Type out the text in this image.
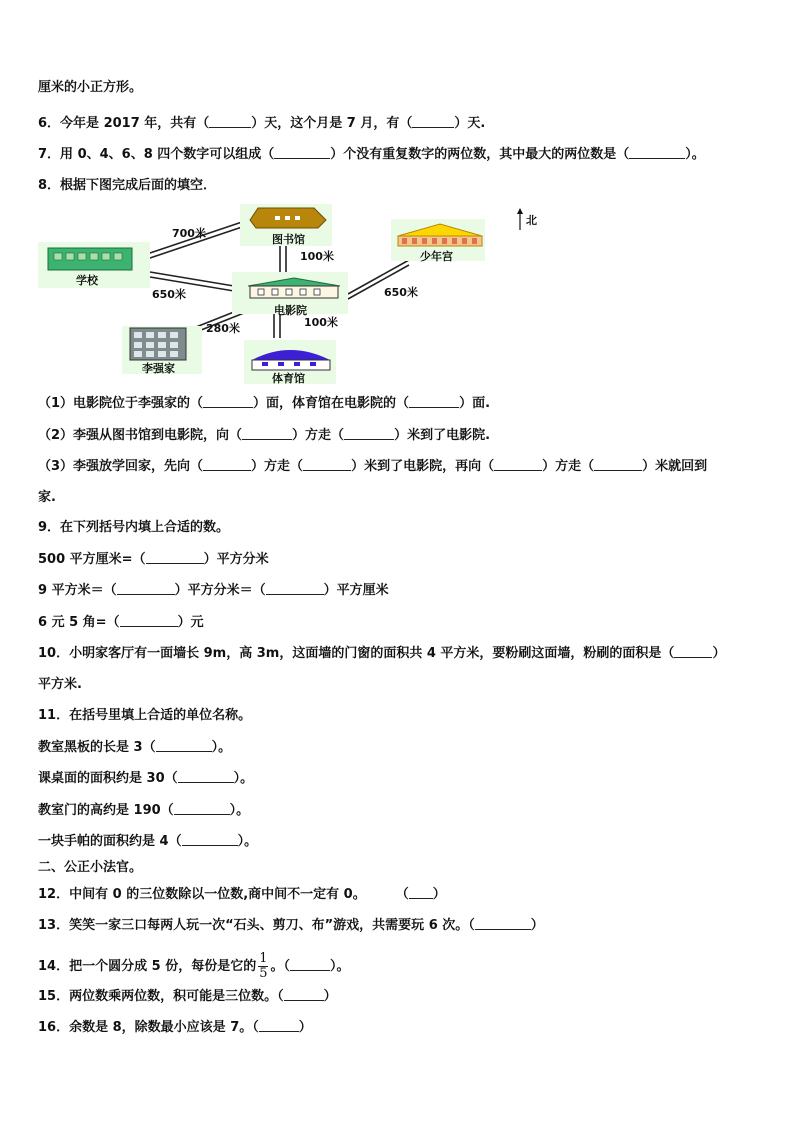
厘米的小正方形。
6．今年是 2017 年，共有（	）天，这个月是 7 月，有（	）天.
7．用 0、4、6、8 四个数字可以组成（	）个没有重复数字的两位数，其中最大的两位数是（	）。
8．根据下图完成后面的填空．
图书馆
学校
少年宫
电影院
李强家
体育馆
700米
100米
650米	650米
280米	100米
北
（1）电影院位于李强家的（	）面，体育馆在电影院的（	）面.
（2）李强从图书馆到电影院，向（	）方走（	）米到了电影院.
（3）李强放学回家，先向（	）方走（	）米到了电影院，再向（	）方走（	）米就回到
家.
9．在下列括号内填上合适的数。
500 平方厘米=（	）平方分米
9 平方米＝（	）平方分米＝（	）平方厘米
6 元 5 角=（	）元
10．小明家客厅有一面墙长 9m，高 3m，这面墙的门窗的面积共 4 平方米，要粉刷这面墙，粉刷的面积是（	）
平方米.
11．在括号里填上合适的单位名称。
教室黑板的长是 3（	）。
课桌面的面积约是 30（	）。
教室门的高约是 190（	）。
一块手帕的面积约是 4（	）。
二、公正小法官。
12．中间有 0 的三位数除以一位数,商中间不一定有 0。 （ ）
13．笑笑一家三口每两人玩一次“石头、剪刀、布”游戏，共需要玩 6 次。（	）
14．把一个圆分成 5 份，每份是它的 $\frac{1}{5}$ 。（	）。
15．两位数乘两位数，积可能是三位数。（	）
16．余数是 8，除数最小应该是 7。（	）
